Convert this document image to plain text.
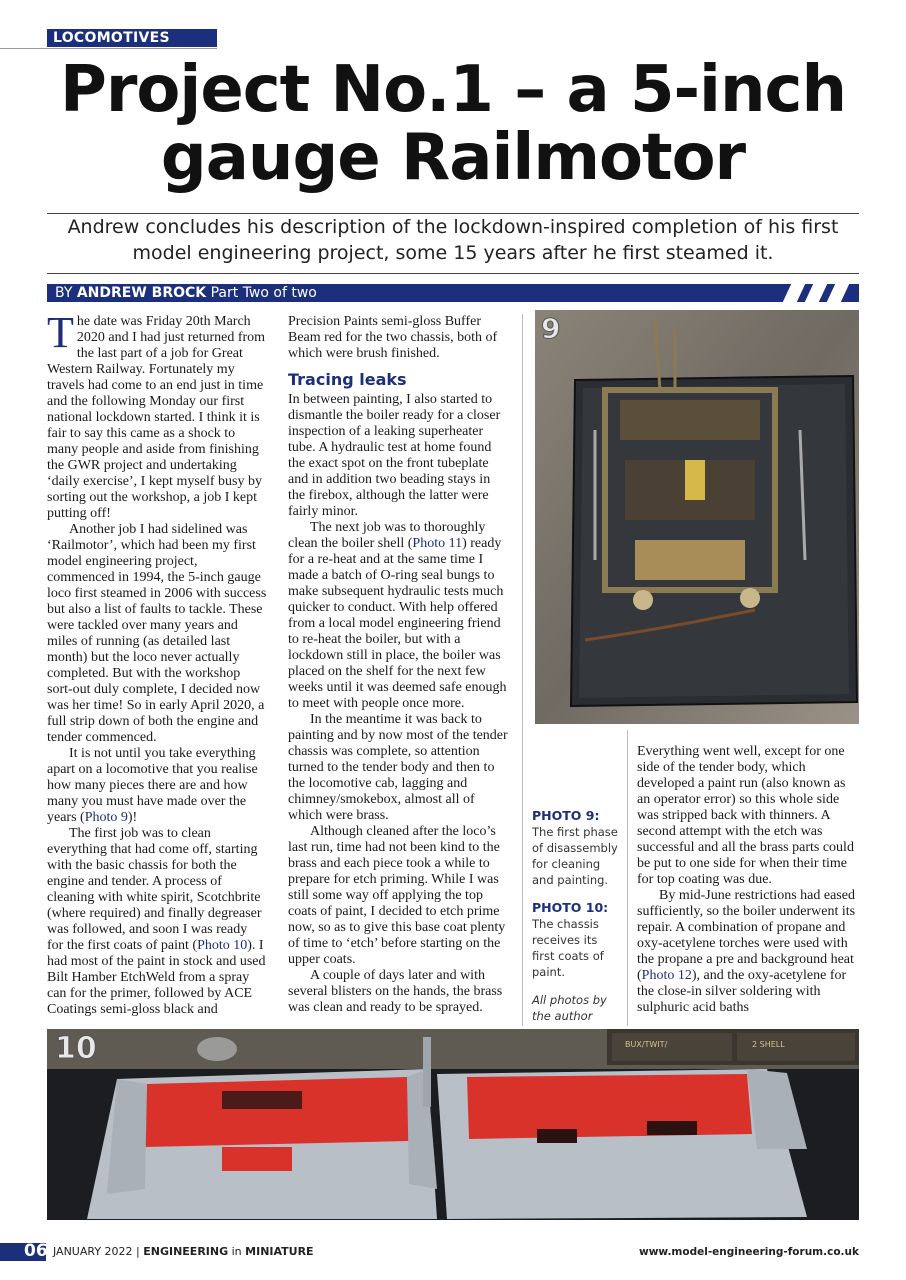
LOCOMOTIVES
Project No.1 – a 5-inch gauge Railmotor
Andrew concludes his description of the lockdown-inspired completion of his first model engineering project, some 15 years after he first steamed it.
BY ANDREW BROCK Part Two of two

The date was Friday 20th March 2020 and I had just returned from the last part of a job for Great Western Railway. Fortunately my travels had come to an end just in time and the following Monday our first national lockdown started. I think it is fair to say this came as a shock to many people and aside from finishing the GWR project and undertaking ‘daily exercise’, I kept myself busy by sorting out the workshop, a job I kept putting off!

Another job I had sidelined was ‘Railmotor’, which had been my first model engineering project, commenced in 1994, the 5-inch gauge loco first steamed in 2006 with success but also a list of faults to tackle. These were tackled over many years and miles of running (as detailed last month) but the loco never actually completed. But with the workshop sort-out duly complete, I decided now was her time! So in early April 2020, a full strip down of both the engine and tender commenced.

It is not until you take everything apart on a locomotive that you realise how many pieces there are and how many you must have made over the years (Photo 9)!

The first job was to clean everything that had come off, starting with the basic chassis for both the engine and tender. A process of cleaning with white spirit, Scotchbrite (where required) and finally degreaser was followed, and soon I was ready for the first coats of paint (Photo 10). I had most of the paint in stock and used Bilt Hamber EtchWeld from a spray can for the primer, followed by ACE Coatings semi-gloss black and

Precision Paints semi-gloss Buffer Beam red for the two chassis, both of which were brush finished.

Tracing leaks

In between painting, I also started to dismantle the boiler ready for a closer inspection of a leaking superheater tube. A hydraulic test at home found the exact spot on the front tubeplate and in addition two beading stays in the firebox, although the latter were fairly minor.

The next job was to thoroughly clean the boiler shell (Photo 11) ready for a re-heat and at the same time I made a batch of O-ring seal bungs to make subsequent hydraulic tests much quicker to conduct. With help offered from a local model engineering friend to re-heat the boiler, but with a lockdown still in place, the boiler was placed on the shelf for the next few weeks until it was deemed safe enough to meet with people once more.

In the meantime it was back to painting and by now most of the tender chassis was complete, so attention turned to the tender body and then to the locomotive cab, lagging and chimney/smokebox, almost all of which were brass.

Although cleaned after the loco’s last run, time had not been kind to the brass and each piece took a while to prepare for etch priming. While I was still some way off applying the top coats of paint, I decided to etch prime now, so as to give this base coat plenty of time to ‘etch’ before starting on the upper coats.

A couple of days later and with several blisters on the hands, the brass was clean and ready to be sprayed.

9

PHOTO 9: The first phase of disassembly for cleaning and painting.

PHOTO 10: The chassis receives its first coats of paint.

All photos by the author

Everything went well, except for one side of the tender body, which developed a paint run (also known as an operator error) so this whole side was stripped back with thinners. A second attempt with the etch was successful and all the brass parts could be put to one side for when their time for top coating was due.

By mid-June restrictions had eased sufficiently, so the boiler underwent its repair. A combination of propane and oxy-acetylene torches were used with the propane a pre and background heat (Photo 12), and the oxy-acetylene for the close-in silver soldering with sulphuric acid baths

BUX/TWIT/	2 SHELL
10
06 JANUARY 2022 | ENGINEERING in MINIATURE	www.model-engineering-forum.co.uk
